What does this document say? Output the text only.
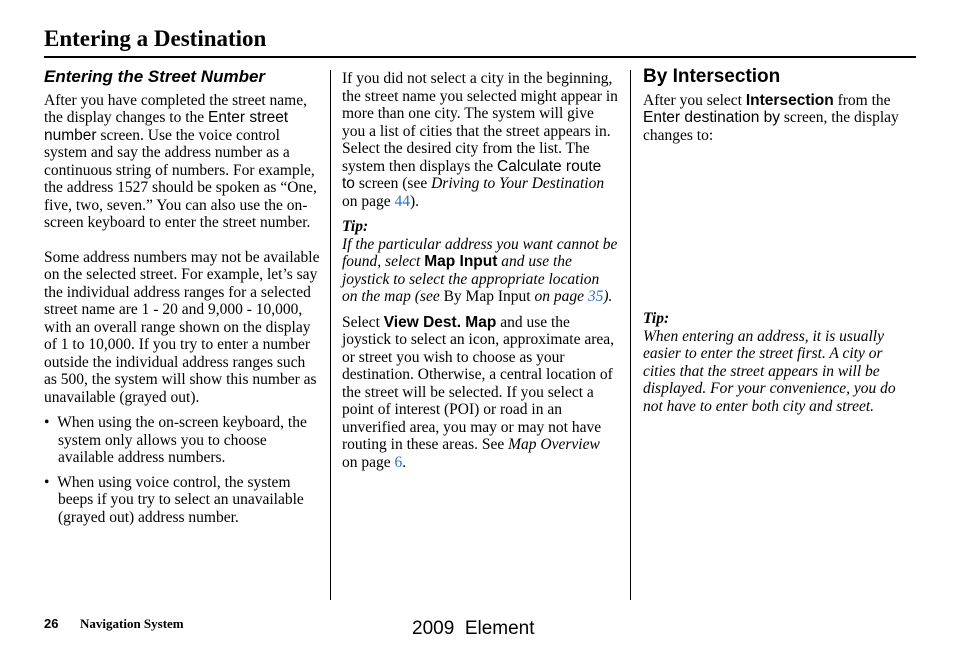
Entering a Destination
Entering the Street Number

After you have completed the street name, the display changes to the Enter street number screen. Use the voice control system and say the address number as a continuous string of numbers. For example, the address 1527 should be spoken as “One, five, two, seven.” You can also use the on-screen keyboard to enter the street number.

Some address numbers may not be available on the selected street. For example, let’s say the individual address ranges for a selected street name are 1 - 20 and 9,000 - 10,000, with an overall range shown on the display of 1 to 10,000. If you try to enter a number outside the individual address ranges such as 500, the system will show this number as unavailable (grayed out).

•  When using the on-screen keyboard, the system only allows you to choose available address numbers.
•  When using voice control, the system beeps if you try to select an unavailable (grayed out) address number.

If you did not select a city in the beginning, the street name you selected might appear in more than one city. The system will give you a list of cities that the street appears in. Select the desired city from the list. The system then displays the Calculate route to screen (see Driving to Your Destination on page 44).

Tip:

If the particular address you want cannot be found, select Map Input and use the joystick to select the appropriate location on the map (see By Map Input on page 35).

Select View Dest. Map and use the joystick to select an icon, approximate area, or street you wish to choose as your destination. Otherwise, a central location of the street will be selected. If you select a point of interest (POI) or road in an unverified area, you may or may not have routing in these areas. See Map Overview on page 6.

By Intersection

After you select Intersection from the Enter destination by screen, the display changes to:

Tip:

When entering an address, it is usually easier to enter the street first. A city or cities that the street appears in will be displayed. For your convenience, you do not have to enter both city and street.

26 Navigation System	2009  Element
